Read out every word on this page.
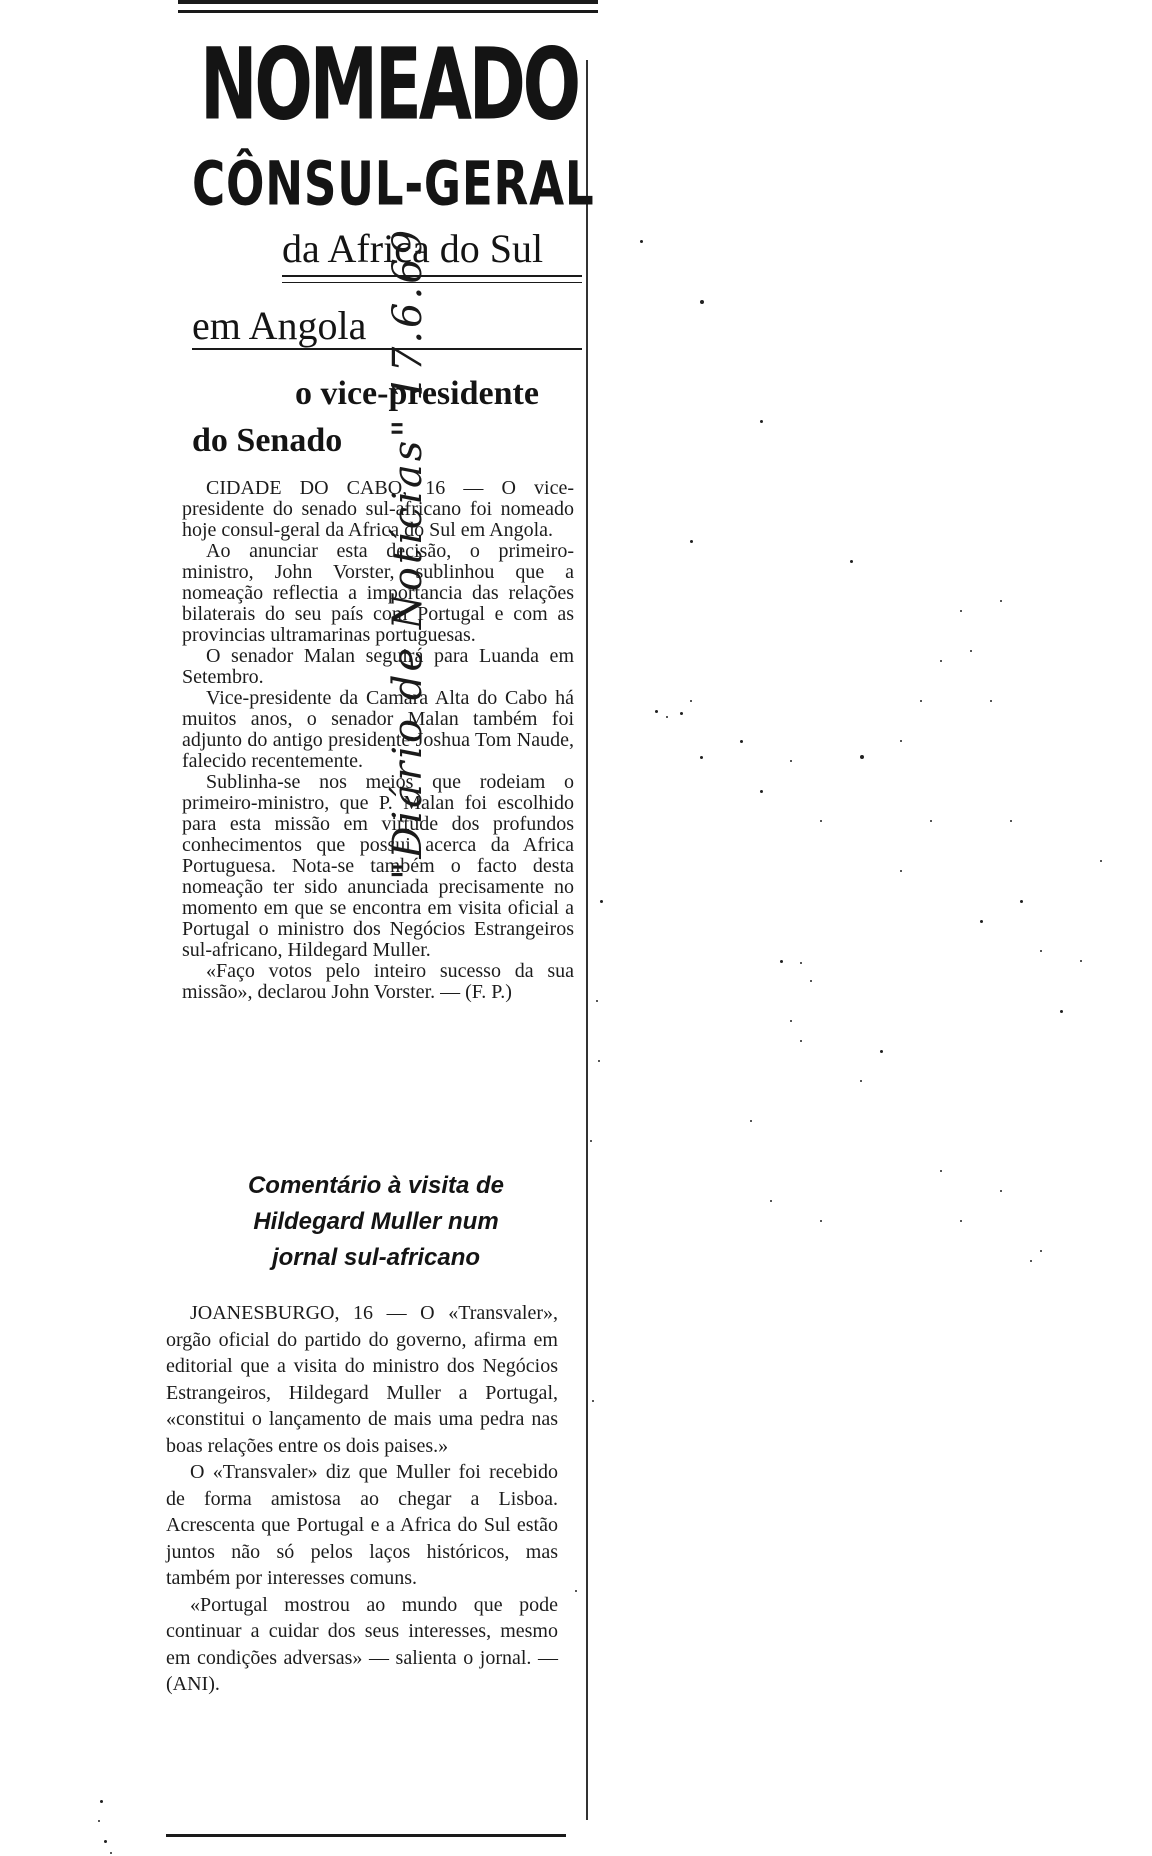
NOMEADO
CÔNSUL-GERAL
da Africa do Sul
em Angola
o vice-presidente
do Senado "Diário de Notícias" 17.6.69

CIDADE DO CABO, 16 — O vice-presidente do senado sul-africano foi nomeado hoje consul-geral da Africa do Sul em Angola.

Ao anunciar esta decisão, o primeiro-ministro, John Vorster, sublinhou que a nomeação reflectia a importancia das relações bilaterais do seu país com Portugal e com as provincias ultramarinas portuguesas.

O senador Malan seguirá para Luanda em Setembro.

Vice-presidente da Camara Alta do Cabo há muitos anos, o senador Malan também foi adjunto do antigo presidente Joshua Tom Naude, falecido recentemente.

Sublinha-se nos meios que rodeiam o primeiro-ministro, que P. Malan foi escolhido para esta missão em virtude dos profundos conhecimentos que possui acerca da Africa Portuguesa. Nota-se também o facto desta nomeação ter sido anunciada precisamente no momento em que se encontra em visita oficial a Portugal o ministro dos Negócios Estrangeiros sul-africano, Hildegard Muller.

«Faço votos pelo inteiro sucesso da sua missão», declarou John Vorster. — (F. P.)

Comentário à visita de
Hildegard Muller num
jornal sul-africano

JOANESBURGO, 16 — O «Transvaler», orgão oficial do partido do governo, afirma em editorial que a visita do ministro dos Negócios Estrangeiros, Hildegard Muller a Portugal, «constitui o lançamento de mais uma pedra nas boas relações entre os dois paises.»

O «Transvaler» diz que Muller foi recebido de forma amistosa ao chegar a Lisboa. Acrescenta que Portugal e a Africa do Sul estão juntos não só pelos laços históricos, mas também por interesses comuns.

«Portugal mostrou ao mundo que pode continuar a cuidar dos seus interesses, mesmo em condições adversas» — salienta o jornal. — (ANI).
